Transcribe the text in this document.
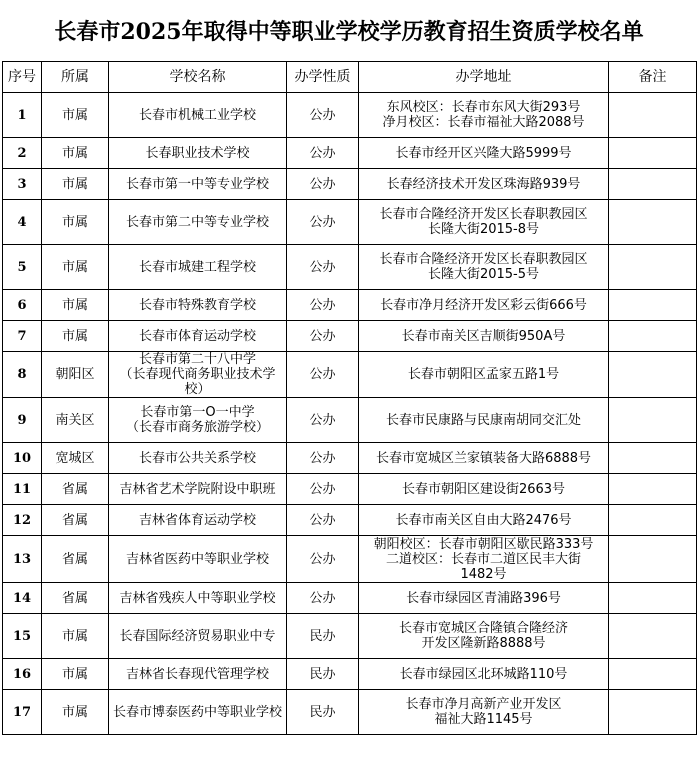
长春市2025年取得中等职业学校学历教育招生资质学校名单
序号	所属	学校名称	办学性质	办学地址	备注
1	市属	长春市机械工业学校	公办	东风校区：长春市东风大街293号
净月校区：长春市福祉大路2088号	

2	市属	长春职业技术学校	公办	长春市经开区兴隆大路5999号	

3	市属	长春市第一中等专业学校	公办	长春经济技术开发区珠海路939号	

4	市属	长春市第二中等专业学校	公办	长春市合隆经济开发区长春职教园区
长隆大街2015-8号	

5	市属	长春市城建工程学校	公办	长春市合隆经济开发区长春职教园区
长隆大街2015-5号	

6	市属	长春市特殊教育学校	公办	长春市净月经济开发区彩云街666号	

7	市属	长春市体育运动学校	公办	长春市南关区吉顺街950A号	

8	朝阳区	长春市第二十八中学
（长春现代商务职业技术学校）	公办	长春市朝阳区孟家五路1号	

9	南关区	长春市第一O一中学
（长春市商务旅游学校）	公办	长春市民康路与民康南胡同交汇处	

10	宽城区	长春市公共关系学校	公办	长春市宽城区兰家镇装备大路6888号	

11	省属	吉林省艺术学院附设中职班	公办	长春市朝阳区建设街2663号	

12	省属	吉林省体育运动学校	公办	长春市南关区自由大路2476号	

13	省属	吉林省医药中等职业学校	公办	朝阳校区：长春市朝阳区歇民路333号
二道校区：长春市二道区民丰大街
1482号	

14	省属	吉林省残疾人中等职业学校	公办	长春市绿园区青浦路396号	

15	市属	长春国际经济贸易职业中专	民办	长春市宽城区合隆镇合隆经济
开发区隆新路8888号	

16	市属	吉林省长春现代管理学校	民办	长春市绿园区北环城路110号	

17	市属	长春市博泰医药中等职业学校	民办	长春市净月高新产业开发区
福祉大路1145号	
